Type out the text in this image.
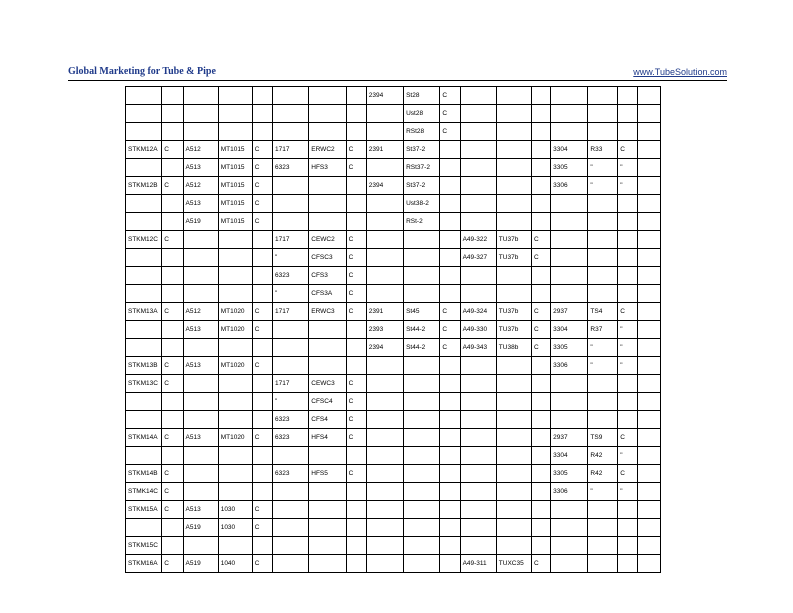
Global Marketing for Tube & Pipe	www.TubeSolution.com
								2394	St28	C							
									Ust28	C							
									RSt28	C							
STKM12A	C	A512	MT1015	C	1717	ERWC2	C	2391	St37-2					3304	R33	C	
		A513	MT1015	C	6323	HFS3	C		RSt37-2					3305	"	"	
STKM12B	C	A512	MT1015	C				2394	St37-2					3306	"	"	
		A513	MT1015	C					Ust38-2								
		A519	MT1015	C					RSt-2								
STKM12C	C				1717	CEWC2	C				A49-322	TU37b	C				
					"	CFSC3	C				A49-327	TU37b	C				
					6323	CFS3	C										
					"	CFS3A	C										
STKM13A	C	A512	MT1020	C	1717	ERWC3	C	2391	St45	C	A49-324	TU37b	C	2937	TS4	C	
		A513	MT1020	C				2393	St44-2	C	A49-330	TU37b	C	3304	R37	"	
								2394	St44-2	C	A49-343	TU38b	C	3305	"	"	
STKM13B	C	A513	MT1020	C										3306	"	"	
STKM13C	C				1717	CEWC3	C										
					"	CFSC4	C										
					6323	CFS4	C										
STKM14A	C	A513	MT1020	C	6323	HFS4	C							2937	TS9	C	
														3304	R42	"	
STKM14B	C				6323	HFS5	C							3305	R42	C	
STMK14C	C													3306	"	"	
STKM15A	C	A513	1030	C													
		A519	1030	C													
STKM15C																	
STKM16A	C	A519	1040	C							A49-311	TUXC35	C				
